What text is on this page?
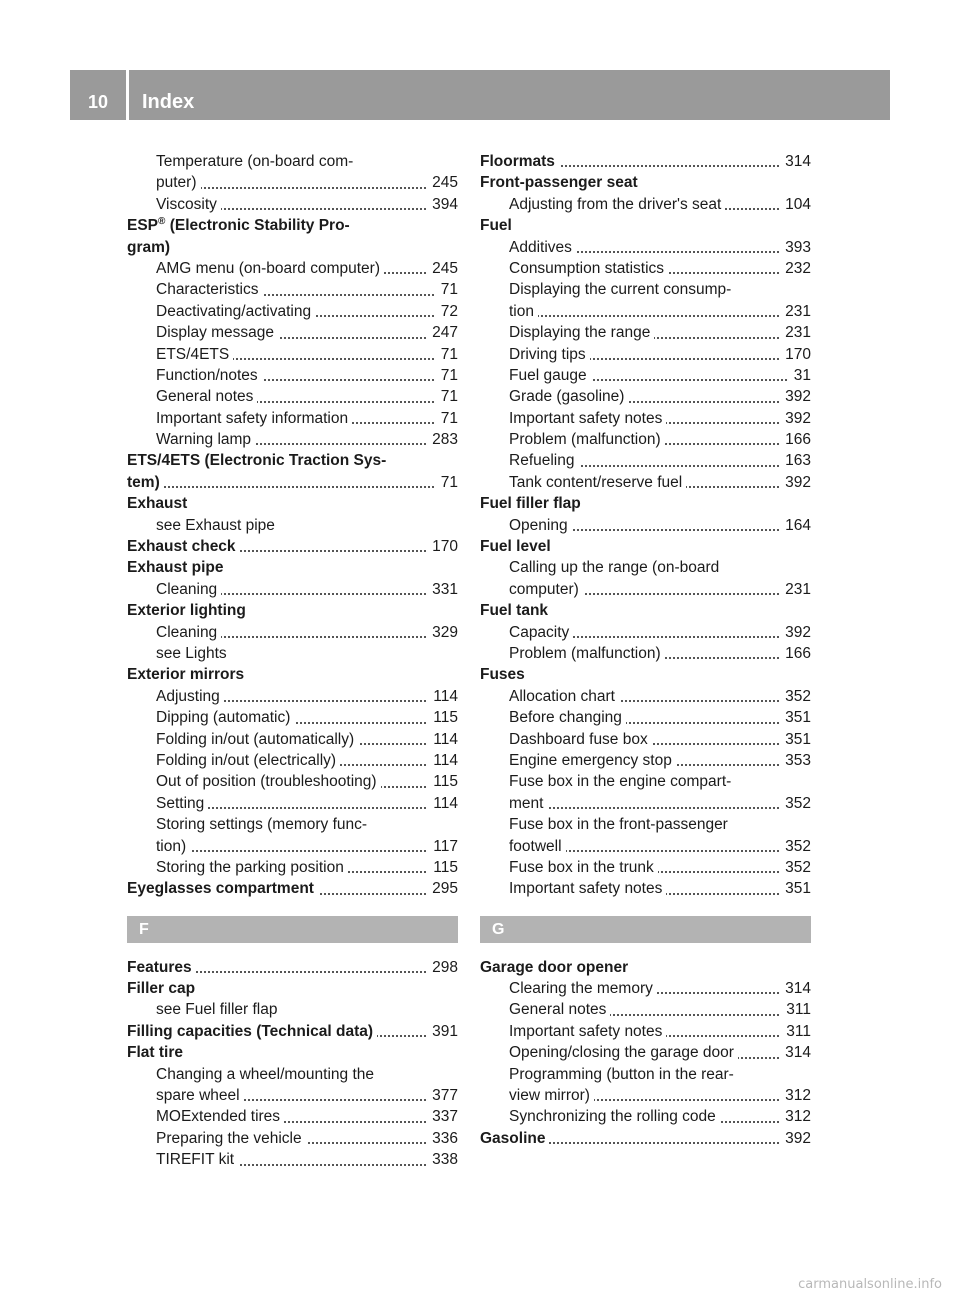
10	Index
Temperature (on-board com-
puter)	245
Viscosity	394
ESP® (Electronic Stability Pro-
gram)
AMG menu (on-board computer)	245
Characteristics	71
Deactivating/activating	72
Display message	247
ETS/4ETS	71
Function/notes	71
General notes	71
Important safety information	71
Warning lamp	283
ETS/4ETS (Electronic Traction Sys-
tem)	71
Exhaust
see Exhaust pipe
Exhaust check	170
Exhaust pipe
Cleaning	331
Exterior lighting
Cleaning	329
see Lights
Exterior mirrors
Adjusting	114
Dipping (automatic)	115
Folding in/out (automatically)	114
Folding in/out (electrically)	114
Out of position (troubleshooting)	115
Setting	114
Storing settings (memory func-
tion)	117
Storing the parking position	115
Eyeglasses compartment	295
F
Features	298
Filler cap
see Fuel filler flap
Filling capacities (Technical data)	391
Flat tire
Changing a wheel/mounting the
spare wheel	377
MOExtended tires	337
Preparing the vehicle	336
TIREFIT kit	338
Floormats	314
Front-passenger seat
Adjusting from the driver's seat	104
Fuel
Additives	393
Consumption statistics	232
Displaying the current consump-
tion	231
Displaying the range	231
Driving tips	170
Fuel gauge	31
Grade (gasoline)	392
Important safety notes	392
Problem (malfunction)	166
Refueling	163
Tank content/reserve fuel	392
Fuel filler flap
Opening	164
Fuel level
Calling up the range (on-board
computer)	231
Fuel tank
Capacity	392
Problem (malfunction)	166
Fuses
Allocation chart	352
Before changing	351
Dashboard fuse box	351
Engine emergency stop	353
Fuse box in the engine compart-
ment	352
Fuse box in the front-passenger
footwell	352
Fuse box in the trunk	352
Important safety notes	351
G
Garage door opener
Clearing the memory	314
General notes	311
Important safety notes	311
Opening/closing the garage door	314
Programming (button in the rear-
view mirror)	312
Synchronizing the rolling code	312
Gasoline	392
carmanualsonline.info
